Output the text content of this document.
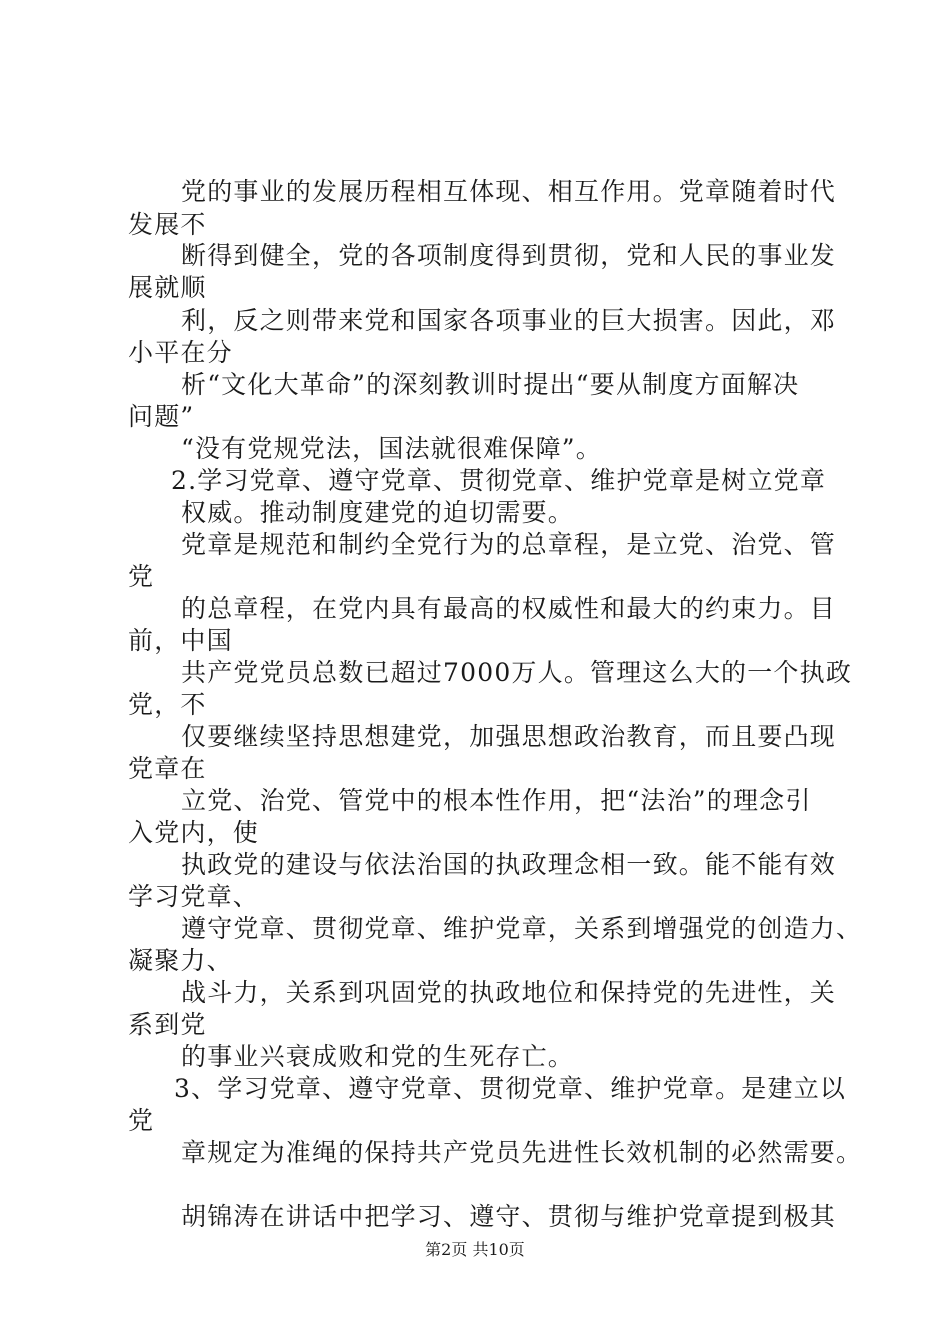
党的事业的发展历程相互体现、相互作用。党章随着时代
发展不
断得到健全，党的各项制度得到贯彻，党和人民的事业发
展就顺
利，反之则带来党和国家各项事业的巨大损害。因此，邓
小平在分
析“文化大革命”的深刻教训时提出“要从制度方面解决
问题”
“没有党规党法，国法就很难保障”。
2.学习党章、遵守党章、贯彻党章、维护党章是树立党章
权威。推动制度建党的迫切需要。
党章是规范和制约全党行为的总章程，是立党、治党、管
党
的总章程，在党内具有最高的权威性和最大的约束力。目
前，中国
共产党党员总数已超过7000万人。管理这么大的一个执政
党，不
仅要继续坚持思想建党，加强思想政治教育，而且要凸现
党章在
立党、治党、管党中的根本性作用，把“法治”的理念引
入党内，使
执政党的建设与依法治国的执政理念相一致。能不能有效
学习党章、
遵守党章、贯彻党章、维护党章，关系到增强党的创造力、
凝聚力、
战斗力，关系到巩固党的执政地位和保持党的先进性，关
系到党
的事业兴衰成败和党的生死存亡。
3、学习党章、遵守党章、贯彻党章、维护党章。是建立以
党
章规定为准绳的保持共产党员先进性长效机制的必然需要。
胡锦涛在讲话中把学习、遵守、贯彻与维护党章提到极其
第2页 共10页
